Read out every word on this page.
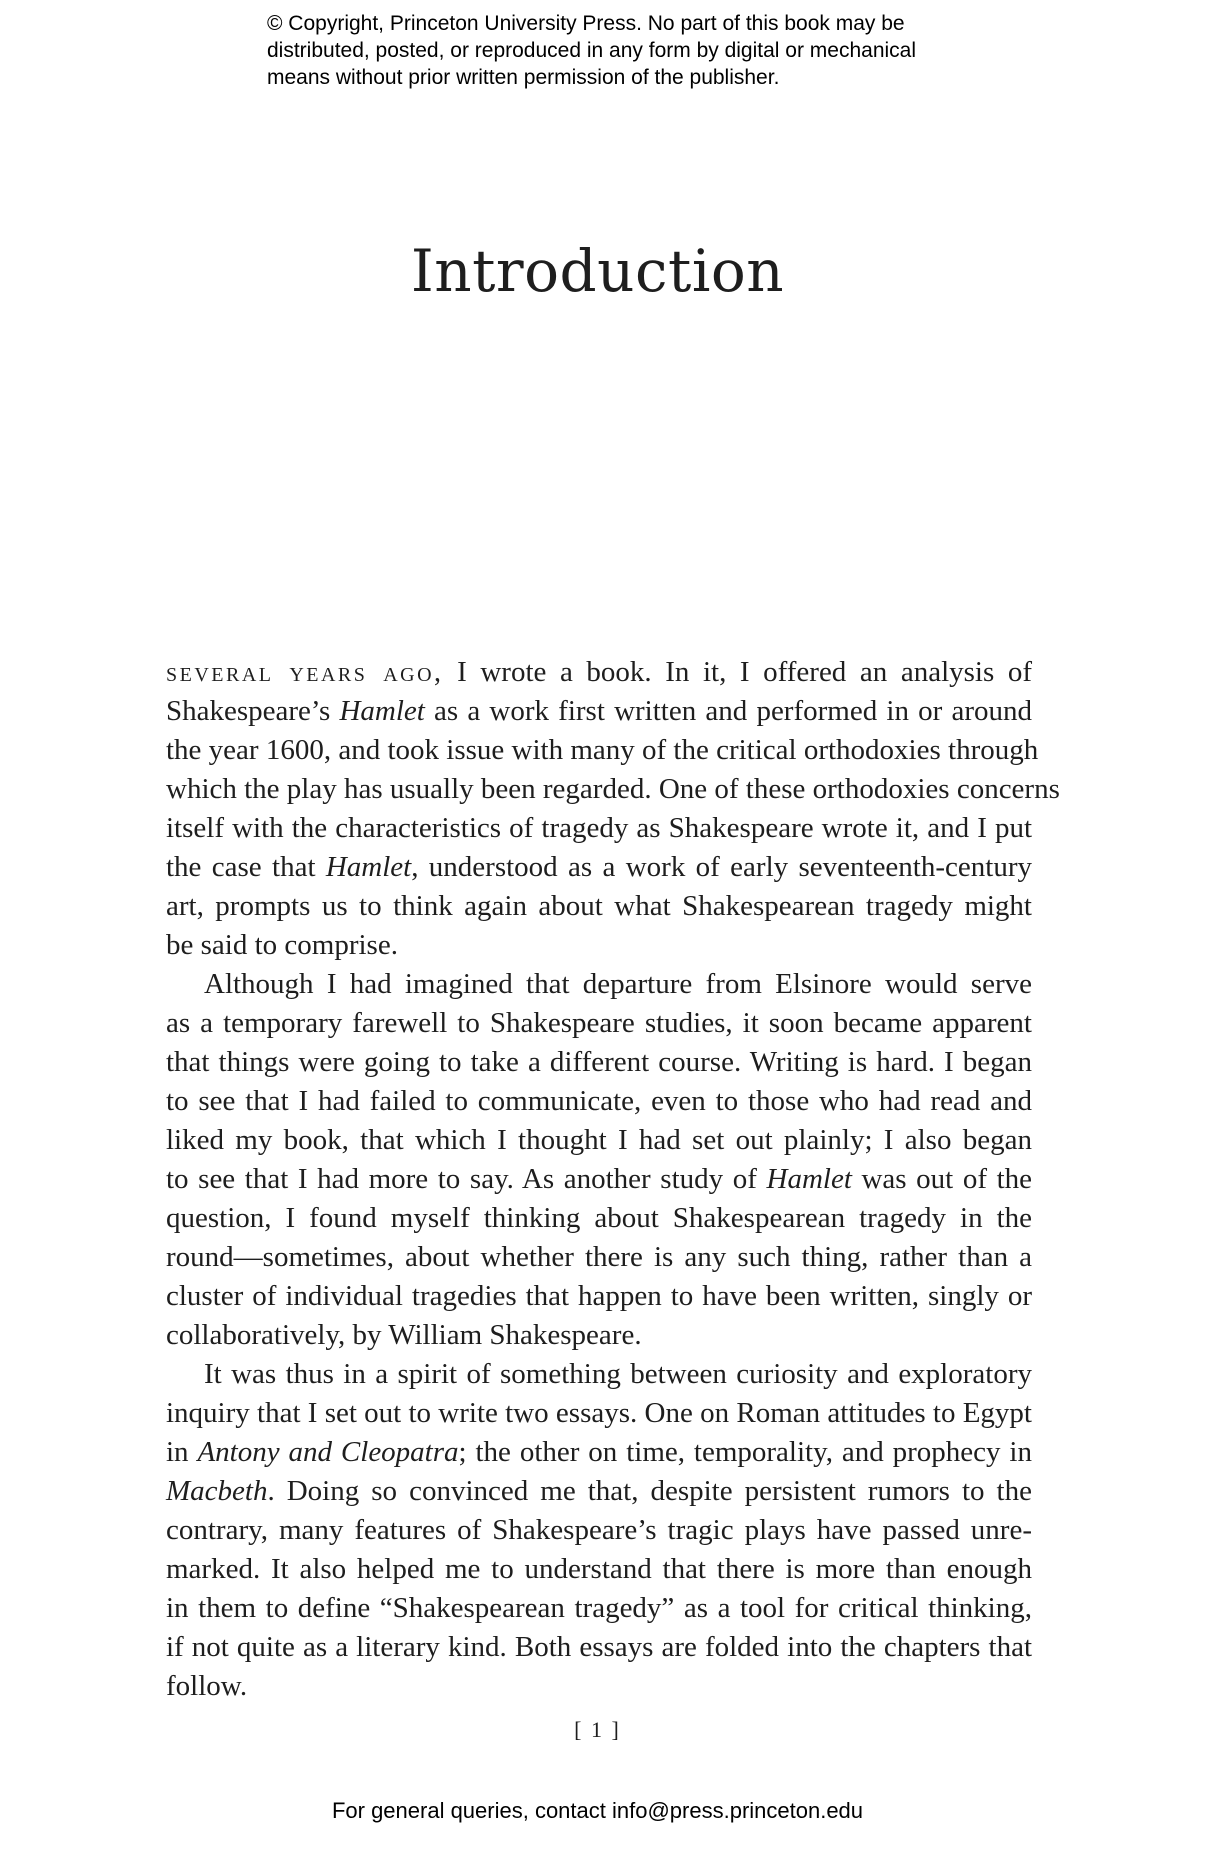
© Copyright, Princeton University Press. No part of this book may be
distributed, posted, or reproduced in any form by digital or mechanical
means without prior written permission of the publisher.
Introduction
several years ago, I wrote a book. In it, I offered an analysis of
Shakespeare’s Hamlet as a work first written and performed in or around
the year 1600, and took issue with many of the critical orthodoxies through
which the play has usually been regarded. One of these orthodoxies concerns
itself with the characteristics of tragedy as Shakespeare wrote it, and I put
the case that Hamlet, understood as a work of early seventeenth-century
art, prompts us to think again about what Shakespearean tragedy might
be said to comprise.
Although I had imagined that departure from Elsinore would serve
as a temporary farewell to Shakespeare studies, it soon became apparent
that things were going to take a different course. Writing is hard. I began
to see that I had failed to communicate, even to those who had read and
liked my book, that which I thought I had set out plainly; I also began
to see that I had more to say. As another study of Hamlet was out of the
question, I found myself thinking about Shakespearean tragedy in the
round—sometimes, about whether there is any such thing, rather than a
cluster of individual tragedies that happen to have been written, singly or
collaboratively, by William Shakespeare.
It was thus in a spirit of something between curiosity and exploratory
inquiry that I set out to write two essays. One on Roman attitudes to Egypt
in Antony and Cleopatra; the other on time, temporality, and prophecy in
Macbeth. Doing so convinced me that, despite persistent rumors to the
contrary, many features of Shakespeare’s tragic plays have passed unre-
marked. It also helped me to understand that there is more than enough
in them to define “Shakespearean tragedy” as a tool for critical thinking,
if not quite as a literary kind. Both essays are folded into the chapters that
follow.
[ 1 ]
For general queries, contact info@press.princeton.edu
